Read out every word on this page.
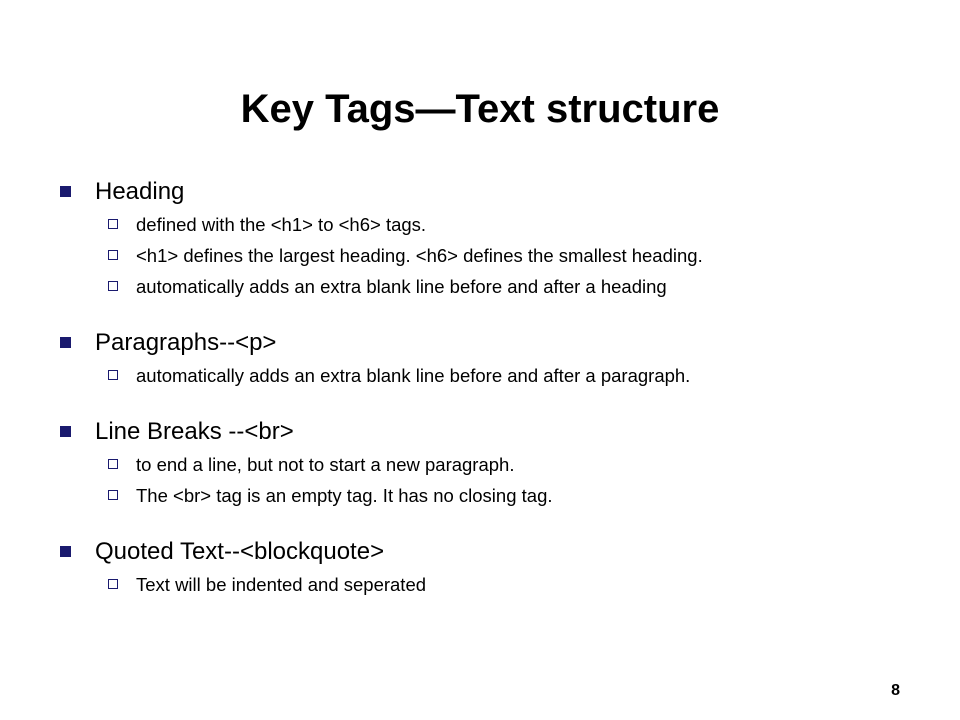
Key Tags—Text structure
Heading
defined with the <h1> to <h6> tags.
<h1> defines the largest heading. <h6> defines the smallest heading.
automatically adds an extra blank line before and after a heading
Paragraphs--<p>
automatically adds an extra blank line before and after a paragraph.
Line Breaks --<br>
to end a line, but not to start a new paragraph.
The <br> tag is an empty tag. It has no closing tag.
Quoted Text--<blockquote>
Text will be indented and seperated
8
